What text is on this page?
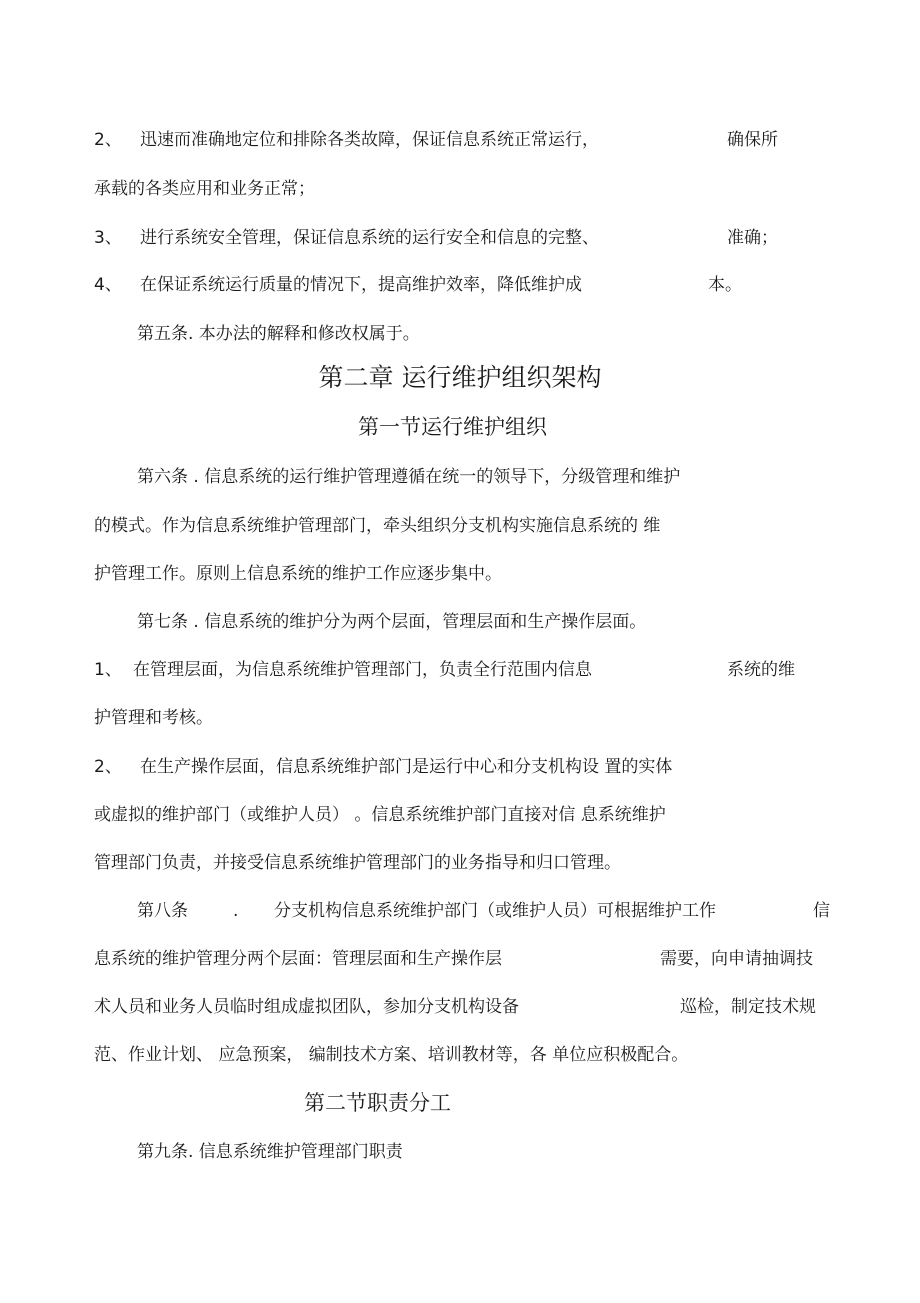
2、 迅速而准确地定位和排除各类故障，保证信息系统正常运行，	确保所
承载的各类应用和业务正常；
3、 进行系统安全管理，保证信息系统的运行安全和信息的完整、	准确；
4、 在保证系统运行质量的情况下，提高维护效率，降低维护成	本。
第五条. 本办法的解释和修改权属于。
第二章 运行维护组织架构
第一节运行维护组织
第六条 . 信息系统的运行维护管理遵循在统一的领导下，分级管理和维护
的模式。作为信息系统维护管理部门，牵头组织分支机构实施信息系统的 维
护管理工作。原则上信息系统的维护工作应逐步集中。
第七条 . 信息系统的维护分为两个层面，管理层面和生产操作层面。
1、 在管理层面，为信息系统维护管理部门，负责全行范围内信息	系统的维
护管理和考核。
2、 在生产操作层面，信息系统维护部门是运行中心和分支机构设 置的实体
或虚拟的维护部门（或维护人员） 。信息系统维护部门直接对信 息系统维护
管理部门负责，并接受信息系统维护管理部门的业务指导和归口管理。
第八条	. 分支机构信息系统维护部门（或维护人员）可根据维护工作	信
息系统的维护管理分两个层面：管理层面和生产操作层	需要，向申请抽调技
术人员和业务人员临时组成虚拟团队，参加分支机构设备	巡检，制定技术规
范、作业计划、 应急预案， 编制技术方案、培训教材等，各 单位应积极配合。
第二节职责分工
第九条. 信息系统维护管理部门职责
